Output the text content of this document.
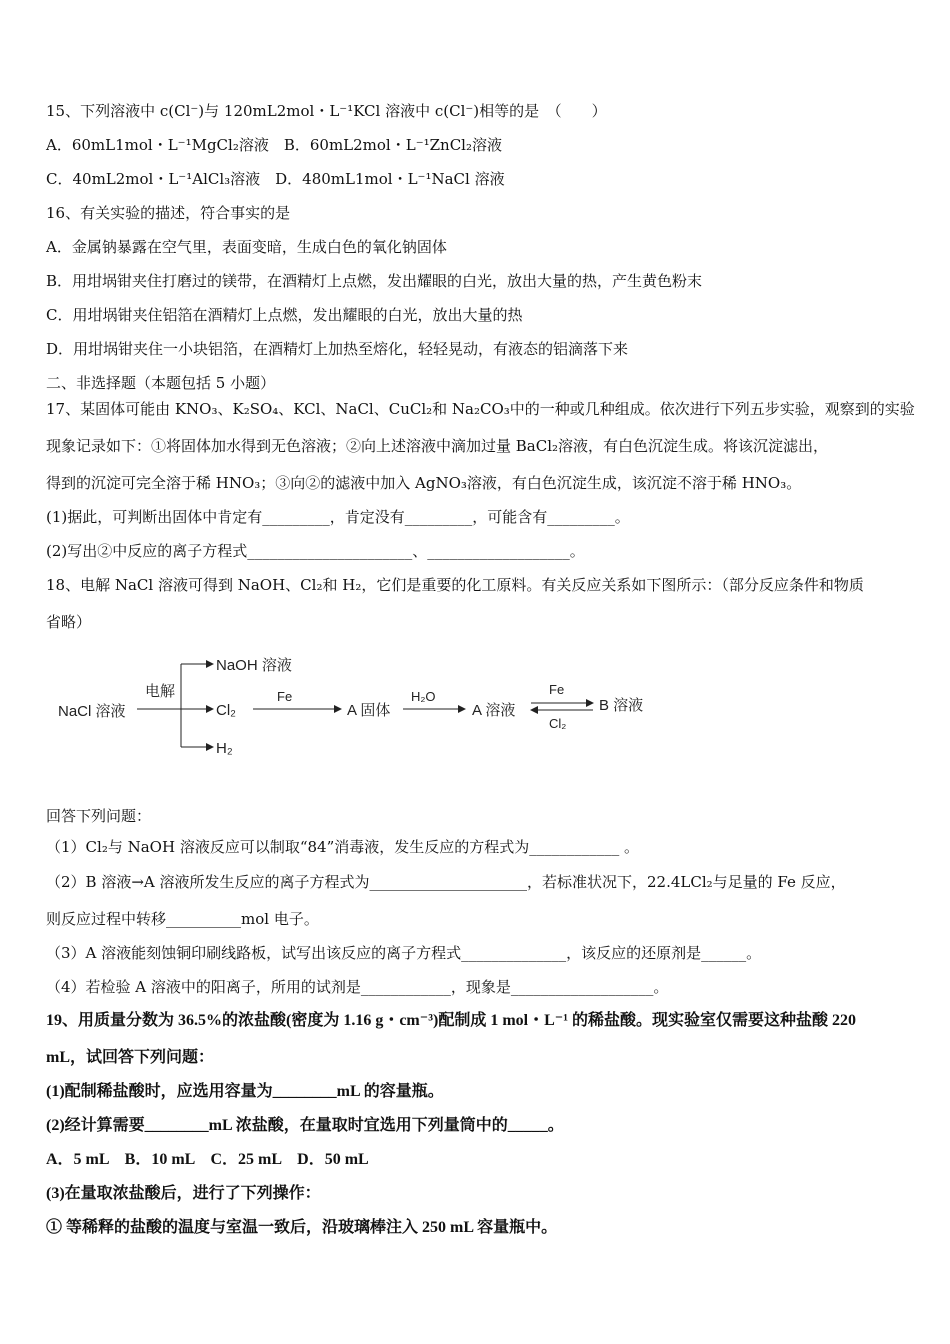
15、下列溶液中 c(Cl⁻)与 120mL2mol・L⁻¹KCl 溶液中 c(Cl⁻)相等的是　（　　）
A．60mL1mol・L⁻¹MgCl₂溶液　B．60mL2mol・L⁻¹ZnCl₂溶液
C．40mL2mol・L⁻¹AlCl₃溶液　D．480mL1mol・L⁻¹NaCl 溶液
16、有关实验的描述，符合事实的是
A．金属钠暴露在空气里，表面变暗，生成白色的氧化钠固体
B．用坩埚钳夹住打磨过的镁带，在酒精灯上点燃，发出耀眼的白光，放出大量的热，产生黄色粉末
C．用坩埚钳夹住铝箔在酒精灯上点燃，发出耀眼的白光，放出大量的热
D．用坩埚钳夹住一小块铝箔，在酒精灯上加热至熔化，轻轻晃动，有液态的铝滴落下来
二、非选择题（本题包括 5 小题）
17、某固体可能由 KNO₃、K₂SO₄、KCl、NaCl、CuCl₂和 Na₂CO₃中的一种或几种组成。依次进行下列五步实验，观察到的实验
现象记录如下：①将固体加水得到无色溶液；②向上述溶液中滴加过量 BaCl₂溶液，有白色沉淀生成。将该沉淀滤出，
得到的沉淀可完全溶于稀 HNO₃；③向②的滤液中加入 AgNO₃溶液，有白色沉淀生成，该沉淀不溶于稀 HNO₃。
(1)据此，可判断出固体中肯定有_________，肯定没有_________，可能含有_________。
(2)写出②中反应的离子方程式______________________、___________________。
18、电解 NaCl 溶液可得到 NaOH、Cl₂和 H₂，它们是重要的化工原料。有关反应关系如下图所示：（部分反应条件和物质
省略）
NaCl 溶液
电解
NaOH 溶液
Cl₂
H₂
Fe
A 固体
H₂O
A 溶液
Fe
Cl₂
B 溶液
回答下列问题：
（1）Cl₂与 NaOH 溶液反应可以制取“84”消毒液，发生反应的方程式为____________ 。
（2）B 溶液→A 溶液所发生反应的离子方程式为_____________________，若标准状况下，22.4LCl₂与足量的 Fe 反应，
则反应过程中转移__________mol 电子。
（3）A 溶液能刻蚀铜印刷线路板，试写出该反应的离子方程式______________，该反应的还原剂是______。
（4）若检验 A 溶液中的阳离子，所用的试剂是____________，现象是___________________。
19、用质量分数为 36.5%的浓盐酸(密度为 1.16 g・cm⁻³)配制成 1 mol・L⁻¹ 的稀盐酸。现实验室仅需要这种盐酸 220
mL，试回答下列问题：
(1)配制稀盐酸时，应选用容量为________mL 的容量瓶。
(2)经计算需要________mL 浓盐酸，在量取时宜选用下列量筒中的_____。
A．5 mL　B．10 mL　C．25 mL　D．50 mL
(3)在量取浓盐酸后，进行了下列操作：
① 等稀释的盐酸的温度与室温一致后，沿玻璃棒注入 250 mL 容量瓶中。
